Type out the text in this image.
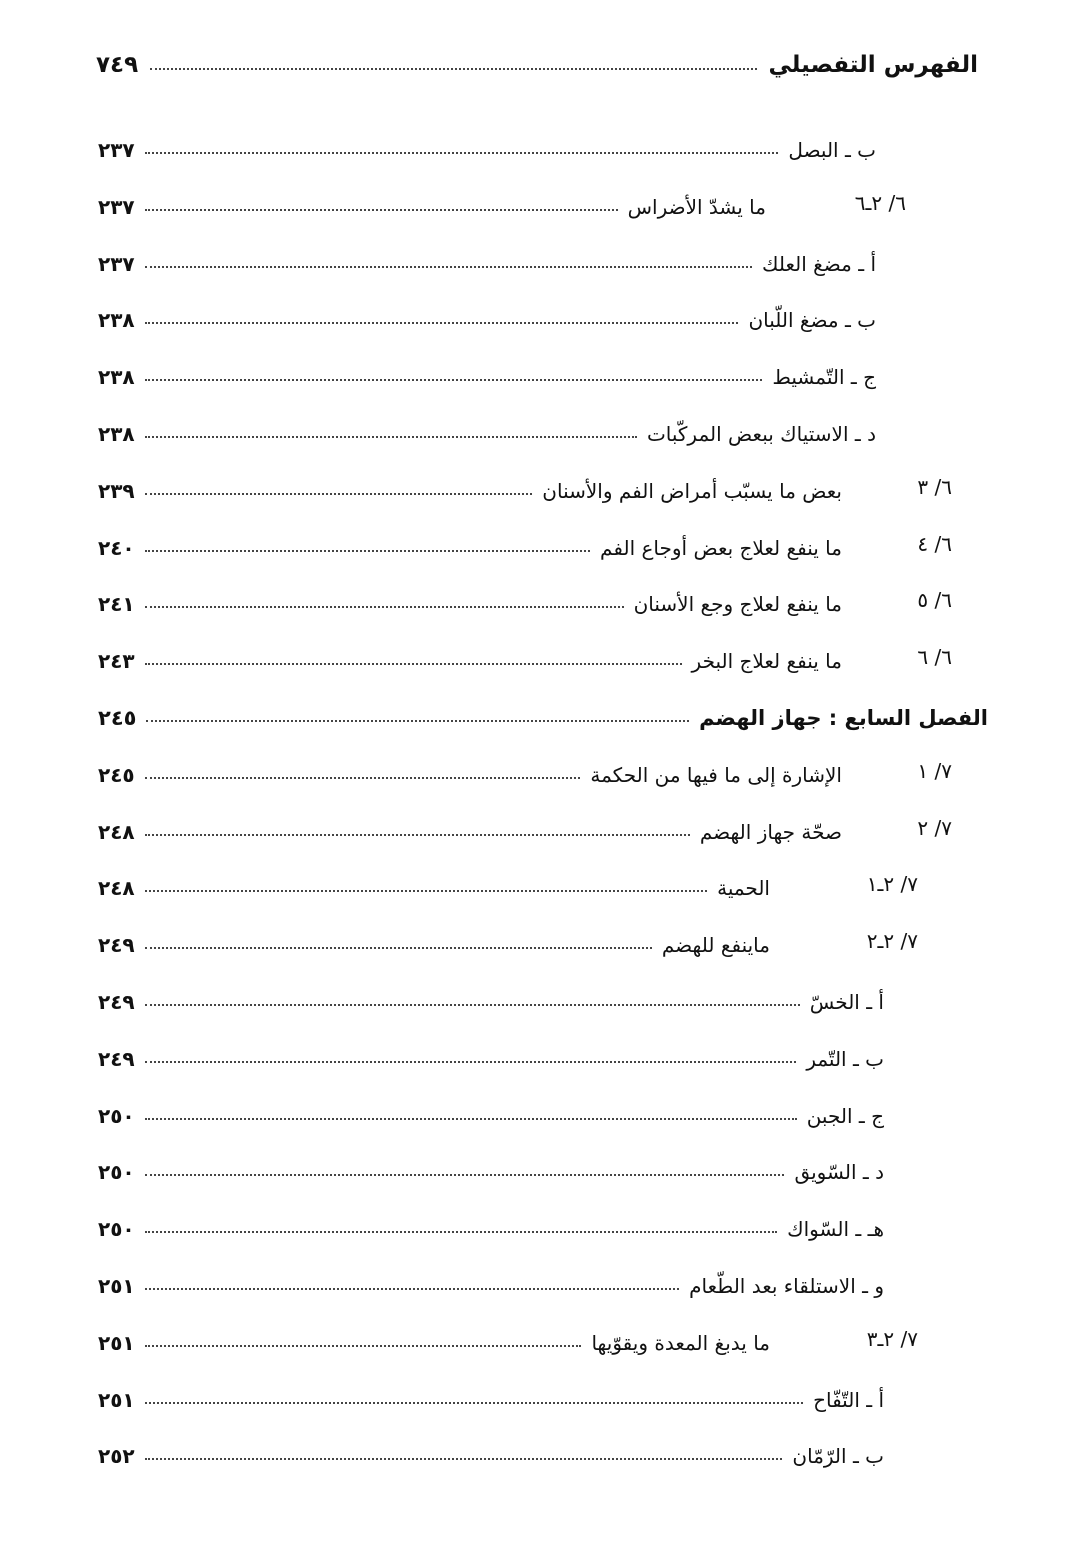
الفهرس التفصيلي
٧٤٩
ب ـ البصل
٢٣٧
٦/ ٢ـ٦
ما يشدّ الأضراس
٢٣٧
أ ـ مضغ العلك
٢٣٧
ب ـ مضغ اللّبان
٢٣٨
ج ـ التّمشيط
٢٣٨
د ـ الاستياك ببعض المركّبات
٢٣٨
٦/ ٣
بعض ما يسبّب أمراض الفم والأسنان
٢٣٩
٦/ ٤
ما ينفع لعلاج بعض أوجاع الفم
٢٤٠
٦/ ٥
ما ينفع لعلاج وجع الأسنان
٢٤١
٦/ ٦
ما ينفع لعلاج البخر
٢٤٣
الفصل السابع : جهاز الهضم
٢٤٥
٧/ ١
الإشارة إلى ما فيها من الحكمة
٢٤٥
٧/ ٢
صحّة جهاز الهضم
٢٤٨
٧/ ٢ـ١
الحمية
٢٤٨
٧/ ٢ـ٢
ماينفع للهضم
٢٤٩
أ ـ الخسّ
٢٤٩
ب ـ التّمر
٢٤٩
ج ـ الجبن
٢٥٠
د ـ السّويق
٢٥٠
هـ ـ السّواك
٢٥٠
و ـ الاستلقاء بعد الطّعام
٢٥١
٧/ ٢ـ٣
ما يدبغ المعدة ويقوّيها
٢٥١
أ ـ التّفّاح
٢٥١
ب ـ الرّمّان
٢٥٢
